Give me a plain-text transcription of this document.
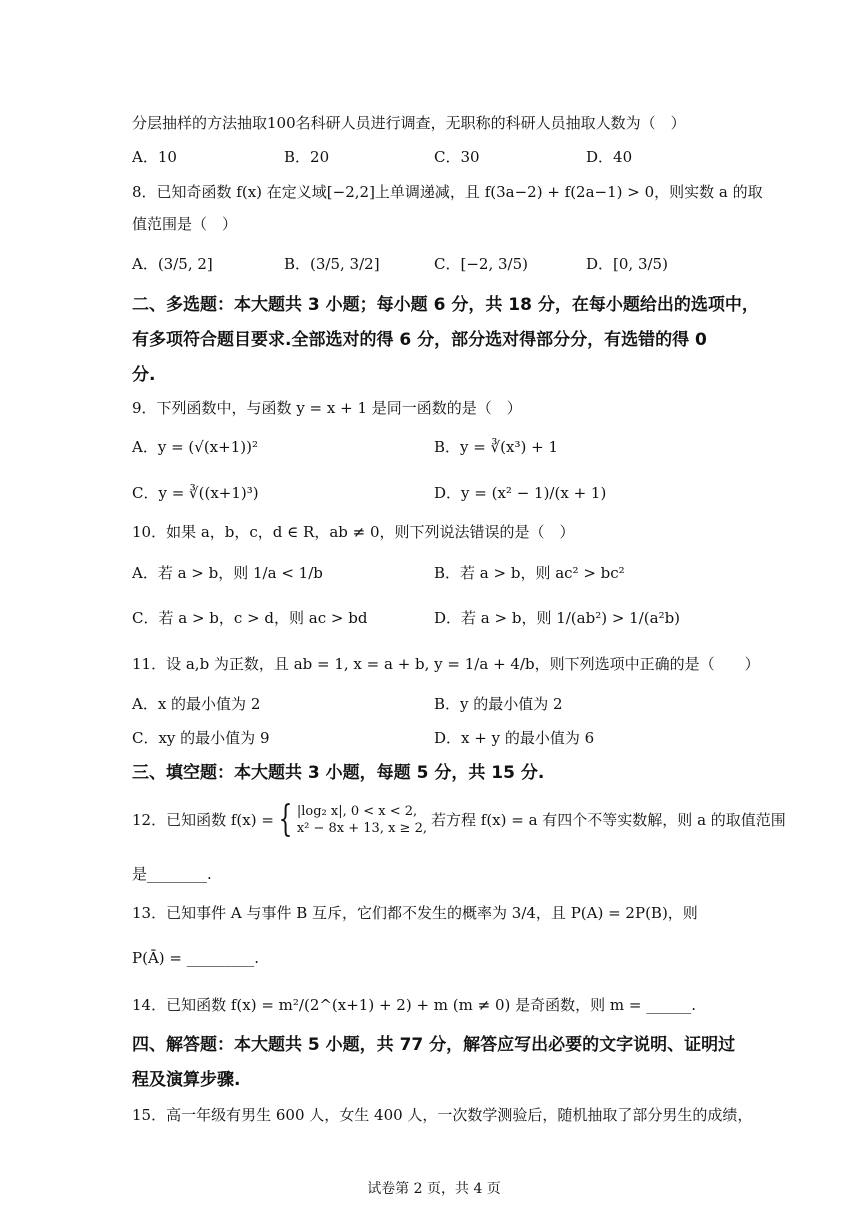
分层抽样的方法抽取100名科研人员进行调查，无职称的科研人员抽取人数为（　）
A．10	B．20	C．30	D．40
8．已知奇函数 f(x) 在定义域[−2,2]上单调递减，且 f(3a−2) + f(2a−1) > 0，则实数 a 的取
值范围是（　）
A．(3/5, 2]	B．(3/5, 3/2]	C．[−2, 3/5)	D．[0, 3/5)
二、多选题：本大题共 3 小题；每小题 6 分，共 18 分，在每小题给出的选项中，
有多项符合题目要求.全部选对的得 6 分，部分选对得部分分，有选错的得 0
分.
9．下列函数中，与函数 y = x + 1 是同一函数的是（　）
A．y = (√(x+1))²	B．y = ∛(x³) + 1
C．y = ∛((x+1)³)	D．y = (x² − 1)/(x + 1)
10．如果 a，b，c，d ∈ R，ab ≠ 0，则下列说法错误的是（　）
A．若 a > b，则 1/a < 1/b	B．若 a > b，则 ac² > bc²
C．若 a > b，c > d，则 ac > bd	D．若 a > b，则 1/(ab²) > 1/(a²b)
11．设 a,b 为正数，且 ab = 1, x = a + b, y = 1/a + 4/b，则下列选项中正确的是（　　）
A．x 的最小值为 2	B．y 的最小值为 2
C．xy 的最小值为 9	D．x + y 的最小值为 6
三、填空题：本大题共 3 小题，每题 5 分，共 15 分.
12．已知函数 f(x) = { |log₂ x|, 0 < x < 2,
x² − 8x + 13, x ≥ 2, 若方程 f(x) = a 有四个不等实数解，则 a 的取值范围
是________.
13．已知事件 A 与事件 B 互斥，它们都不发生的概率为 3/4，且 P(A) = 2P(B)，则
P(Ā) = _________.
14．已知函数 f(x) = m²/(2^(x+1) + 2) + m (m ≠ 0) 是奇函数，则 m = ______.
四、解答题：本大题共 5 小题，共 77 分，解答应写出必要的文字说明、证明过
程及演算步骤.
15．高一年级有男生 600 人，女生 400 人，一次数学测验后，随机抽取了部分男生的成绩，
试卷第 2 页，共 4 页
